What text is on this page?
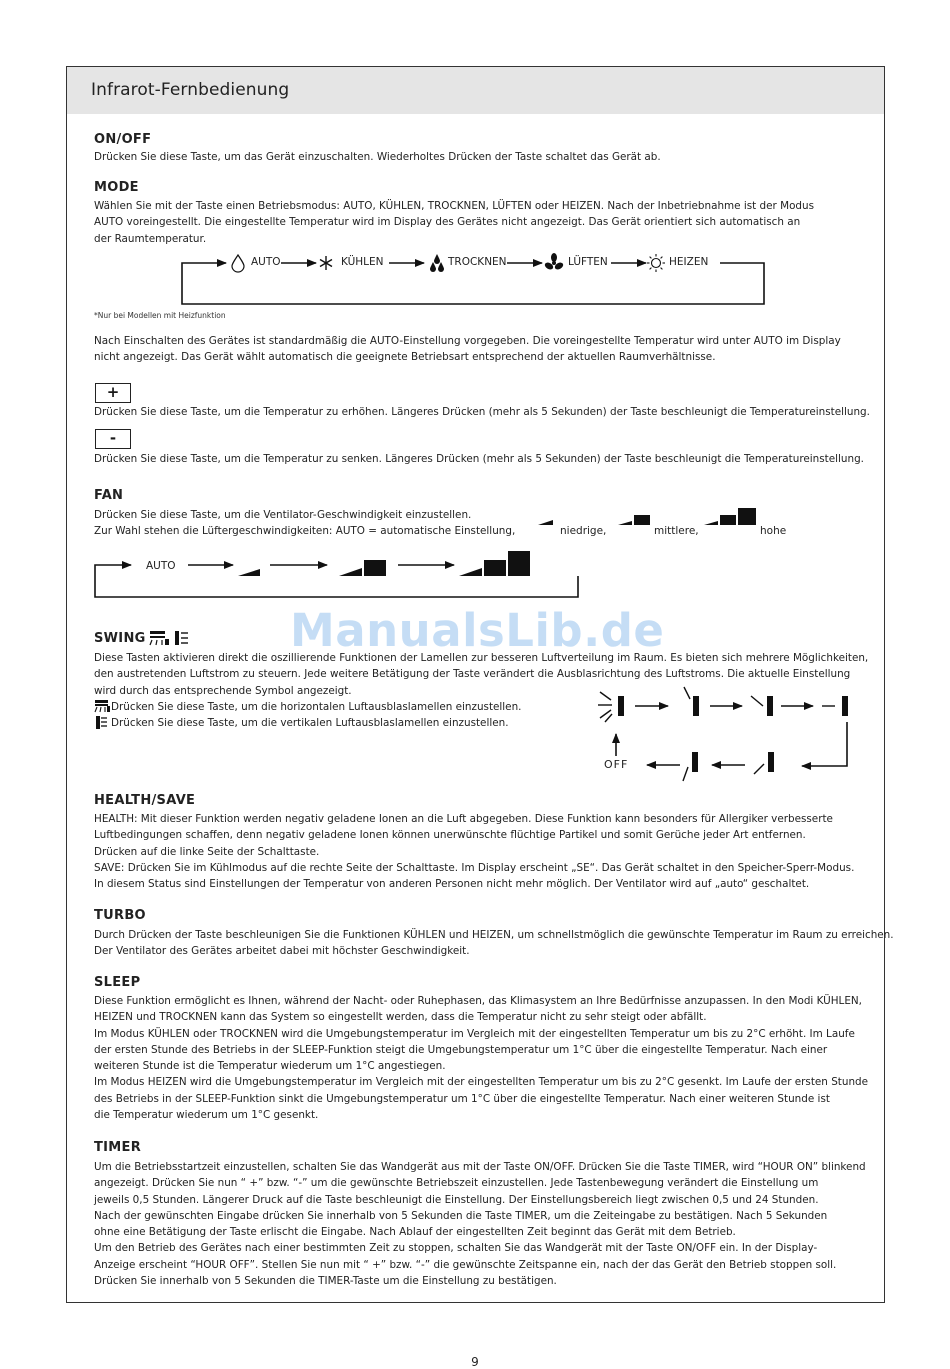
Infrarot-Fernbedienung
ON/OFF
Drücken Sie diese Taste, um das Gerät einzuschalten. Wiederholtes Drücken der Taste schaltet das Gerät ab.
MODE
Wählen Sie mit der Taste einen Betriebsmodus: AUTO, KÜHLEN, TROCKNEN, LÜFTEN oder HEIZEN. Nach der Inbetriebnahme ist der Modus
AUTO voreingestellt. Die eingestellte Temperatur wird im Display des Gerätes nicht angezeigt. Das Gerät orientiert sich automatisch an
der Raumtemperatur.
AUTO	KÜHLEN	TROCKNEN	LÜFTEN	HEIZEN
*Nur bei Modellen mit Heizfunktion
Nach Einschalten des Gerätes ist standardmäßig die AUTO-Einstellung vorgegeben. Die voreingestellte Temperatur wird unter AUTO im Display
nicht angezeigt. Das Gerät wählt automatisch die geeignete Betriebsart entsprechend der aktuellen Raumverhältnisse.
+
Drücken Sie diese Taste, um die Temperatur zu erhöhen. Längeres Drücken (mehr als 5 Sekunden) der Taste beschleunigt die Temperatureinstellung.
-
Drücken Sie diese Taste, um die Temperatur zu senken. Längeres Drücken (mehr als 5 Sekunden) der Taste beschleunigt die Temperatureinstellung.
FAN
Drücken Sie diese Taste, um die Ventilator-Geschwindigkeit einzustellen.
Zur Wahl stehen die Lüftergeschwindigkeiten: AUTO = automatische Einstellung,	niedrige,	mittlere,	hohe
AUTO
SWING
Diese Tasten aktivieren direkt die oszillierende Funktionen der Lamellen zur besseren Luftverteilung im Raum. Es bieten sich mehrere Möglichkeiten,
den austretenden Luftstrom zu steuern. Jede weitere Betätigung der Taste verändert die Ausblasrichtung des Luftstroms. Die aktuelle Einstellung
wird durch das entsprechende Symbol angezeigt.
Drücken Sie diese Taste, um die horizontalen Luftausblaslamellen einzustellen.
Drücken Sie diese Taste, um die vertikalen Luftausblaslamellen einzustellen.
OFF
ManualsLib.de
HEALTH/SAVE
HEALTH: Mit dieser Funktion werden negativ geladene Ionen an die Luft abgegeben. Diese Funktion kann besonders für Allergiker verbesserte
Luftbedingungen schaffen, denn negativ geladene Ionen können unerwünschte flüchtige Partikel und somit Gerüche jeder Art entfernen.
Drücken auf die linke Seite der Schalttaste.
SAVE: Drücken Sie im Kühlmodus auf die rechte Seite der Schalttaste. Im Display erscheint „SE“. Das Gerät schaltet in den Speicher-Sperr-Modus.
In diesem Status sind Einstellungen der Temperatur von anderen Personen nicht mehr möglich. Der Ventilator wird auf „auto“ geschaltet.
TURBO
Durch Drücken der Taste beschleunigen Sie die Funktionen KÜHLEN und HEIZEN, um schnellstmöglich die gewünschte Temperatur im Raum zu erreichen.
Der Ventilator des Gerätes arbeitet dabei mit höchster Geschwindigkeit.
SLEEP
Diese Funktion ermöglicht es Ihnen, während der Nacht- oder Ruhephasen, das Klimasystem an Ihre Bedürfnisse anzupassen. In den Modi KÜHLEN,
HEIZEN und TROCKNEN kann das System so eingestellt werden, dass die Temperatur nicht zu sehr steigt oder abfällt.
Im Modus KÜHLEN oder TROCKNEN wird die Umgebungstemperatur im Vergleich mit der eingestellten Temperatur um bis zu 2°C erhöht. Im Laufe
der ersten Stunde des Betriebs in der SLEEP-Funktion steigt die Umgebungstemperatur um 1°C über die eingestellte Temperatur. Nach einer
weiteren Stunde ist die Temperatur wiederum um 1°C angestiegen.
Im Modus HEIZEN wird die Umgebungstemperatur im Vergleich mit der eingestellten Temperatur um bis zu 2°C gesenkt. Im Laufe der ersten Stunde
des Betriebs in der SLEEP-Funktion sinkt die Umgebungstemperatur um 1°C über die eingestellte Temperatur. Nach einer weiteren Stunde ist
die Temperatur wiederum um 1°C gesenkt.
TIMER
Um die Betriebsstartzeit einzustellen, schalten Sie das Wandgerät aus mit der Taste ON/OFF. Drücken Sie die Taste TIMER, wird “HOUR ON” blinkend
angezeigt. Drücken Sie nun “ +” bzw. “-” um die gewünschte Betriebszeit einzustellen. Jede Tastenbewegung verändert die Einstellung um
jeweils 0,5 Stunden. Längerer Druck auf die Taste beschleunigt die Einstellung. Der Einstellungsbereich liegt zwischen 0,5 und 24 Stunden.
Nach der gewünschten Eingabe drücken Sie innerhalb von 5 Sekunden die Taste TIMER, um die Zeiteingabe zu bestätigen. Nach 5 Sekunden
ohne eine Betätigung der Taste erlischt die Eingabe. Nach Ablauf der eingestellten Zeit beginnt das Gerät mit dem Betrieb.
Um den Betrieb des Gerätes nach einer bestimmten Zeit zu stoppen, schalten Sie das Wandgerät mit der Taste ON/OFF ein. In der Display-
Anzeige erscheint “HOUR OFF”. Stellen Sie nun mit “ +” bzw. “-” die gewünschte Zeitspanne ein, nach der das Gerät den Betrieb stoppen soll.
Drücken Sie innerhalb von 5 Sekunden die TIMER-Taste um die Einstellung zu bestätigen.
9
